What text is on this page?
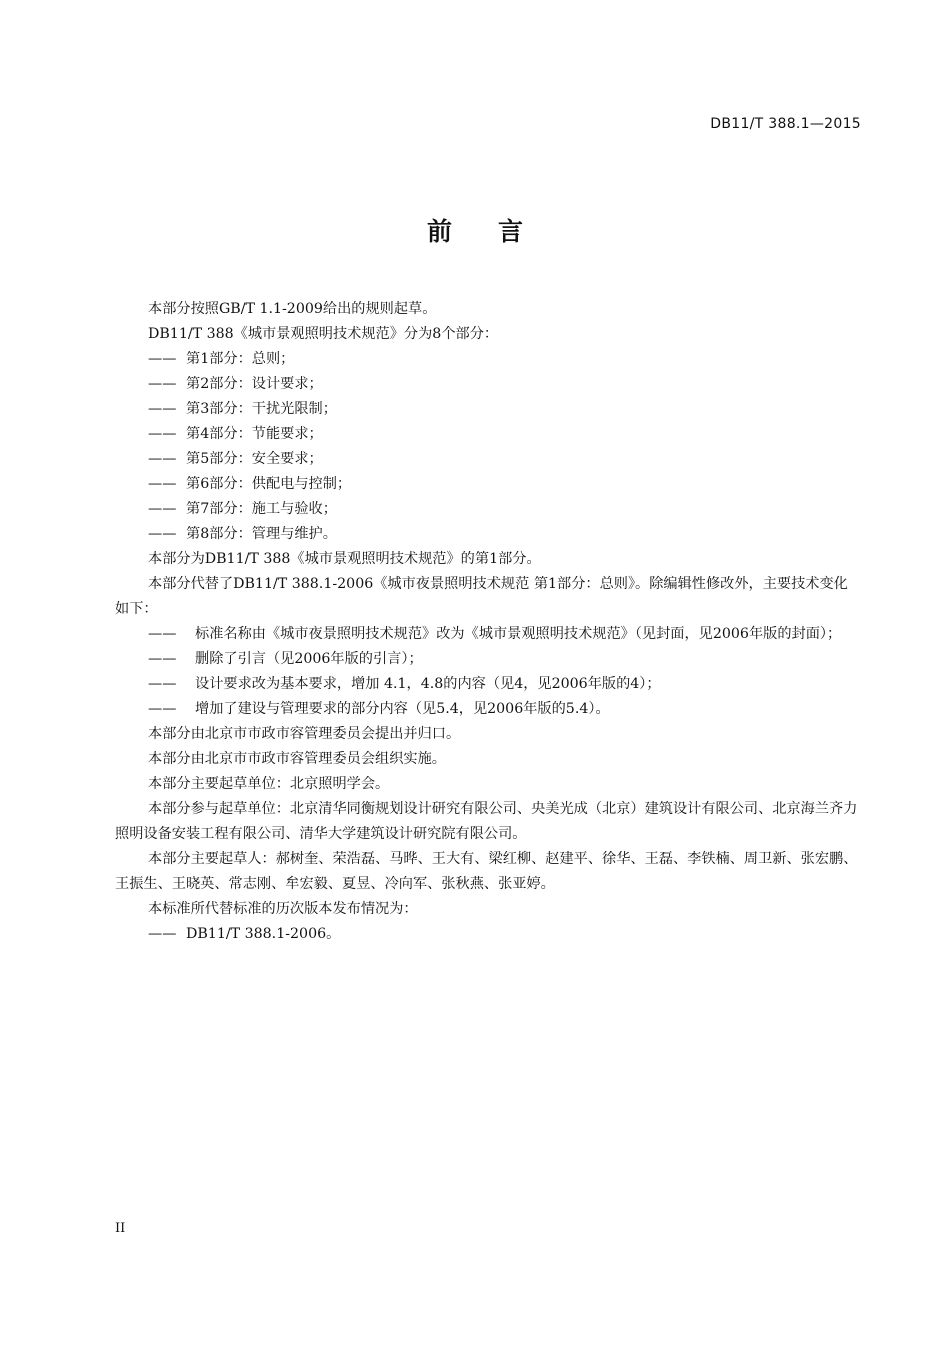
DB11/T 388.1—2015
前言

本部分按照GB/T 1.1-2009给出的规则起草。

DB11/T 388《城市景观照明技术规范》分为8个部分：

—— 第1部分：总则；
—— 第2部分：设计要求；
—— 第3部分：干扰光限制；
—— 第4部分：节能要求；
—— 第5部分：安全要求；
—— 第6部分：供配电与控制；
—— 第7部分：施工与验收；
—— 第8部分：管理与维护。

本部分为DB11/T 388《城市景观照明技术规范》的第1部分。

本部分代替了DB11/T 388.1-2006《城市夜景照明技术规范 第1部分：总则》。除编辑性修改外，主要技术变化如下：

—— 标准名称由《城市夜景照明技术规范》改为《城市景观照明技术规范》（见封面，见2006年版的封面）；
—— 删除了引言（见2006年版的引言）；
—— 设计要求改为基本要求，增加 4.1，4.8的内容（见4，见2006年版的4）；
—— 增加了建设与管理要求的部分内容（见5.4，见2006年版的5.4）。

本部分由北京市市政市容管理委员会提出并归口。

本部分由北京市市政市容管理委员会组织实施。

本部分主要起草单位：北京照明学会。

本部分参与起草单位：北京清华同衡规划设计研究有限公司、央美光成（北京）建筑设计有限公司、北京海兰齐力照明设备安装工程有限公司、清华大学建筑设计研究院有限公司。

本部分主要起草人：郝树奎、荣浩磊、马晔、王大有、梁红柳、赵建平、徐华、王磊、李铁楠、周卫新、张宏鹏、王振生、王晓英、常志刚、牟宏毅、夏昱、冷向军、张秋燕、张亚婷。

本标准所代替标准的历次版本发布情况为：

—— DB11/T 388.1-2006。
II
